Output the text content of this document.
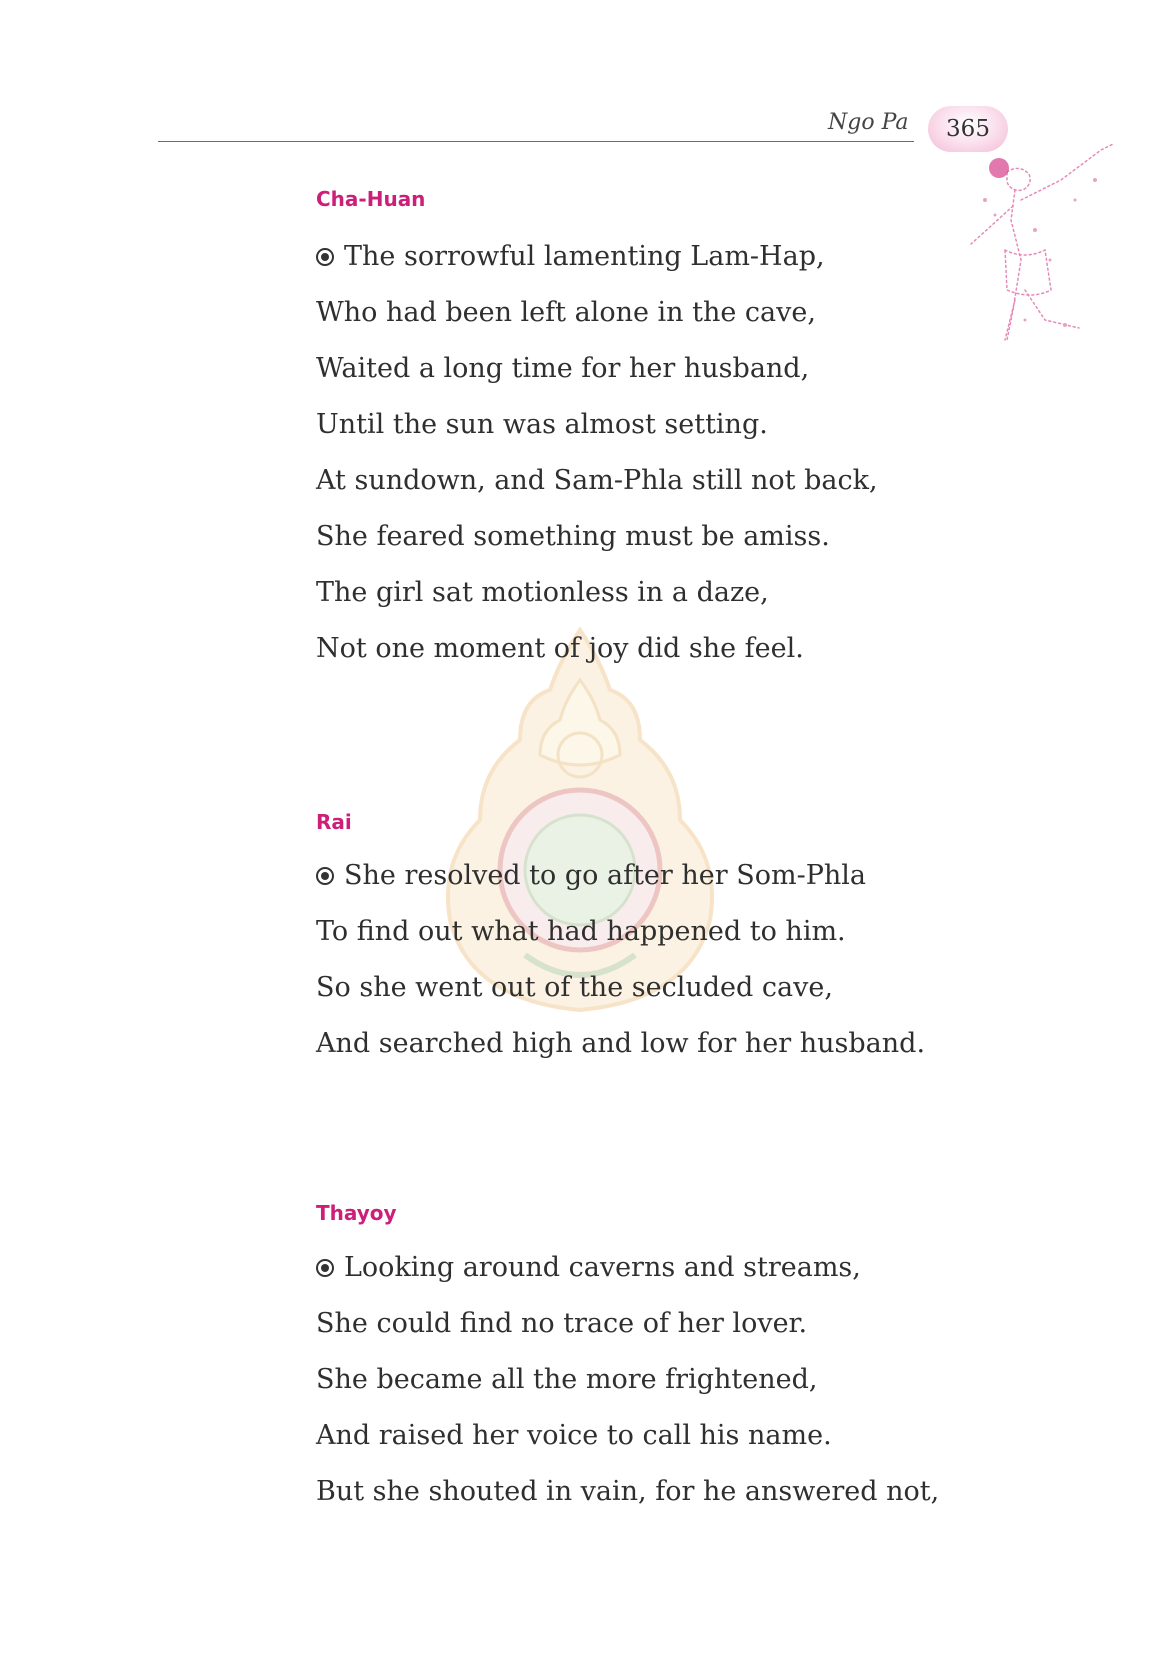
Ngo Pa 365
Cha-Huan
The sorrowful lamenting Lam-Hap,
Who had been left alone in the cave,
Waited a long time for her husband,
Until the sun was almost setting.
At sundown, and Sam-Phla still not back,
She feared something must be amiss.
The girl sat motionless in a daze,
Not one moment of joy did she feel.
Rai
She resolved to go after her Som-Phla
To find out what had happened to him.
So she went out of the secluded cave,
And searched high and low for her husband.
Thayoy
Looking around caverns and streams,
She could find no trace of her lover.
She became all the more frightened,
And raised her voice to call his name.
But she shouted in vain, for he answered not,
